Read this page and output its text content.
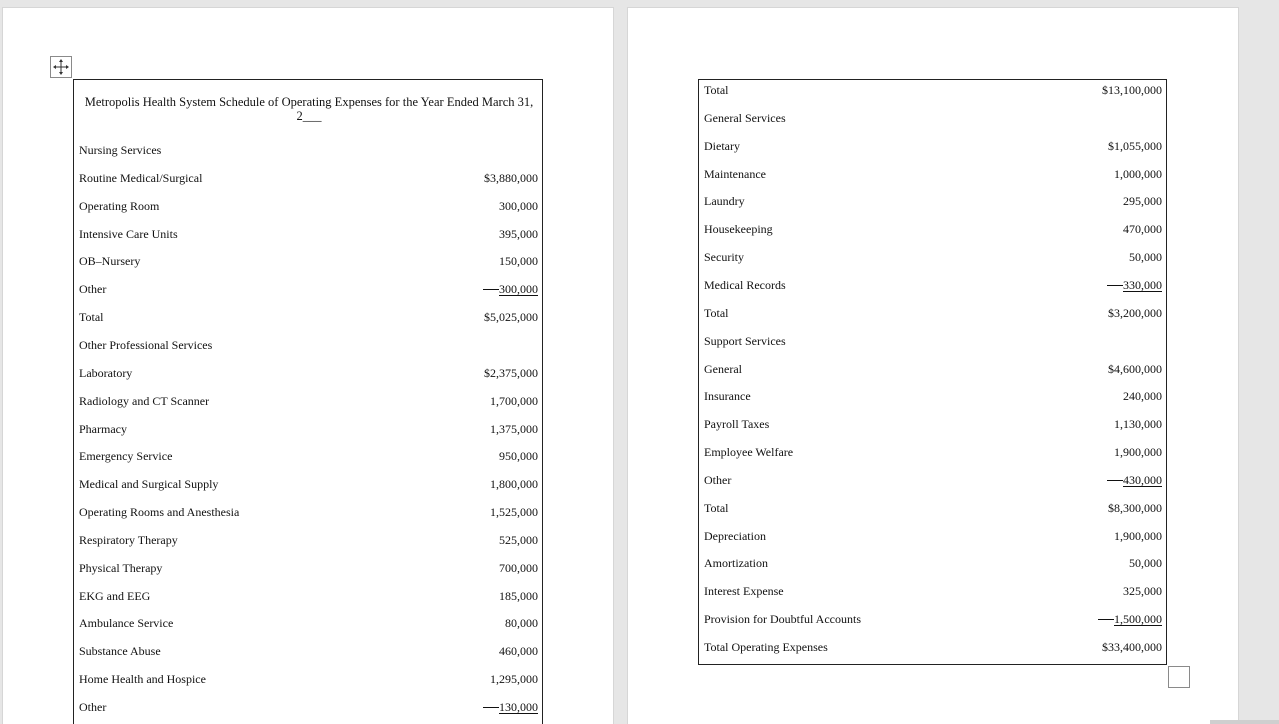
Metropolis Health System Schedule of Operating Expenses for the Year Ended March 31,
2___
Nursing Services
Routine Medical/Surgical	$3,880,000
Operating Room	300,000
Intensive Care Units	395,000
OB–Nursery	150,000
Other	300,000
Total	$5,025,000
Other Professional Services
Laboratory	$2,375,000
Radiology and CT Scanner	1,700,000
Pharmacy	1,375,000
Emergency Service	950,000
Medical and Surgical Supply	1,800,000
Operating Rooms and Anesthesia	1,525,000
Respiratory Therapy	525,000
Physical Therapy	700,000
EKG and EEG	185,000
Ambulance Service	80,000
Substance Abuse	460,000
Home Health and Hospice	1,295,000
Other	130,000
Total	$13,100,000
General Services
Dietary	$1,055,000
Maintenance	1,000,000
Laundry	295,000
Housekeeping	470,000
Security	50,000
Medical Records	330,000
Total	$3,200,000
Support Services
General	$4,600,000
Insurance	240,000
Payroll Taxes	1,130,000
Employee Welfare	1,900,000
Other	430,000
Total	$8,300,000
Depreciation	1,900,000
Amortization	50,000
Interest Expense	325,000
Provision for Doubtful Accounts	1,500,000
Total Operating Expenses	$33,400,000
